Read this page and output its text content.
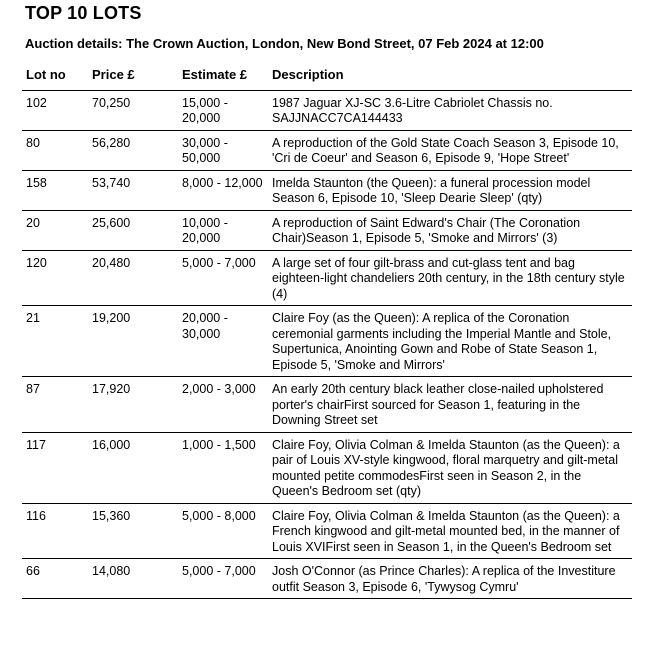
TOP 10 LOTS
Auction details: The Crown Auction, London, New Bond Street, 07 Feb 2024 at 12:00
Lot no	Price £	Estimate £	Description
102	70,250	15,000 - 20,000	1987 Jaguar XJ-SC 3.6-Litre Cabriolet Chassis no. SAJJNACC7CA144433
80	56,280	30,000 - 50,000	A reproduction of the Gold State Coach Season 3, Episode 10, 'Cri de Coeur' and Season 6, Episode 9, 'Hope Street'
158	53,740	8,000 - 12,000	Imelda Staunton (the Queen): a funeral procession model Season 6, Episode 10, 'Sleep Dearie Sleep' (qty)
20	25,600	10,000 - 20,000	A reproduction of Saint Edward's Chair (The Coronation Chair)Season 1, Episode 5, 'Smoke and Mirrors' (3)
120	20,480	5,000 - 7,000	A large set of four gilt-brass and cut-glass tent and bag eighteen-light chandeliers 20th century, in the 18th century style (4)
21	19,200	20,000 - 30,000	Claire Foy (as the Queen): A replica of the Coronation ceremonial garments including the Imperial Mantle and Stole, Supertunica, Anointing Gown and Robe of State Season 1, Episode 5, 'Smoke and Mirrors'
87	17,920	2,000 - 3,000	An early 20th century black leather close-nailed upholstered porter's chairFirst sourced for Season 1, featuring in the Downing Street set
117	16,000	1,000 - 1,500	Claire Foy, Olivia Colman & Imelda Staunton (as the Queen): a pair of Louis XV-style kingwood, floral marquetry and gilt-metal mounted petite commodesFirst seen in Season 2, in the Queen's Bedroom set (qty)
116	15,360	5,000 - 8,000	Claire Foy, Olivia Colman & Imelda Staunton (as the Queen): a French kingwood and gilt-metal mounted bed, in the manner of Louis XVIFirst seen in Season 1, in the Queen's Bedroom set
66	14,080	5,000 - 7,000	Josh O'Connor (as Prince Charles): A replica of the Investiture outfit Season 3, Episode 6, 'Tywysog Cymru'
